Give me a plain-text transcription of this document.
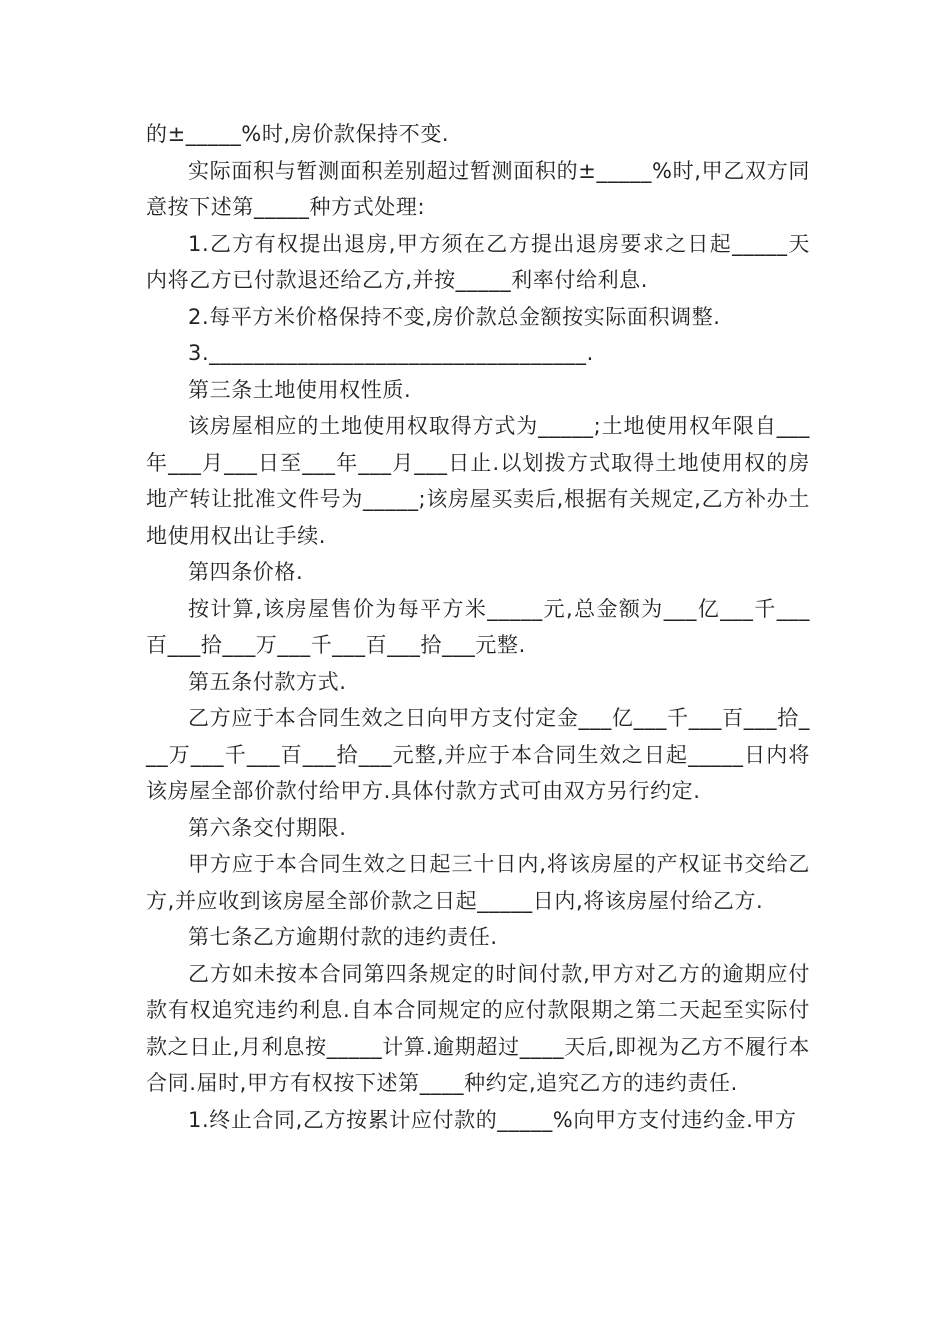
的±_____%时,房价款保持不变.

实际面积与暂测面积差别超过暂测面积的±_____%时,甲乙双方同意按下述第_____种方式处理:

1.乙方有权提出退房,甲方须在乙方提出退房要求之日起_____天内将乙方已付款退还给乙方,并按_____利率付给利息.

2.每平方米价格保持不变,房价款总金额按实际面积调整.

3.__________________________________.

第三条土地使用权性质.

该房屋相应的土地使用权取得方式为_____;土地使用权年限自___年___月___日至___年___月___日止.以划拨方式取得土地使用权的房地产转让批准文件号为_____;该房屋买卖后,根据有关规定,乙方补办土地使用权出让手续.

第四条价格.

按计算,该房屋售价为每平方米_____元,总金额为___亿___千___百___拾___万___千___百___拾___元整.

第五条付款方式.

乙方应于本合同生效之日向甲方支付定金___亿___千___百___拾___万___千___百___拾___元整,并应于本合同生效之日起_____日内将该房屋全部价款付给甲方.具体付款方式可由双方另行约定.

第六条交付期限.

甲方应于本合同生效之日起三十日内,将该房屋的产权证书交给乙方,并应收到该房屋全部价款之日起_____日内,将该房屋付给乙方.

第七条乙方逾期付款的违约责任.

乙方如未按本合同第四条规定的时间付款,甲方对乙方的逾期应付款有权追究违约利息.自本合同规定的应付款限期之第二天起至实际付款之日止,月利息按_____计算.逾期超过____天后,即视为乙方不履行本合同.届时,甲方有权按下述第____种约定,追究乙方的违约责任.

1.终止合同,乙方按累计应付款的_____%向甲方支付违约金.甲方
